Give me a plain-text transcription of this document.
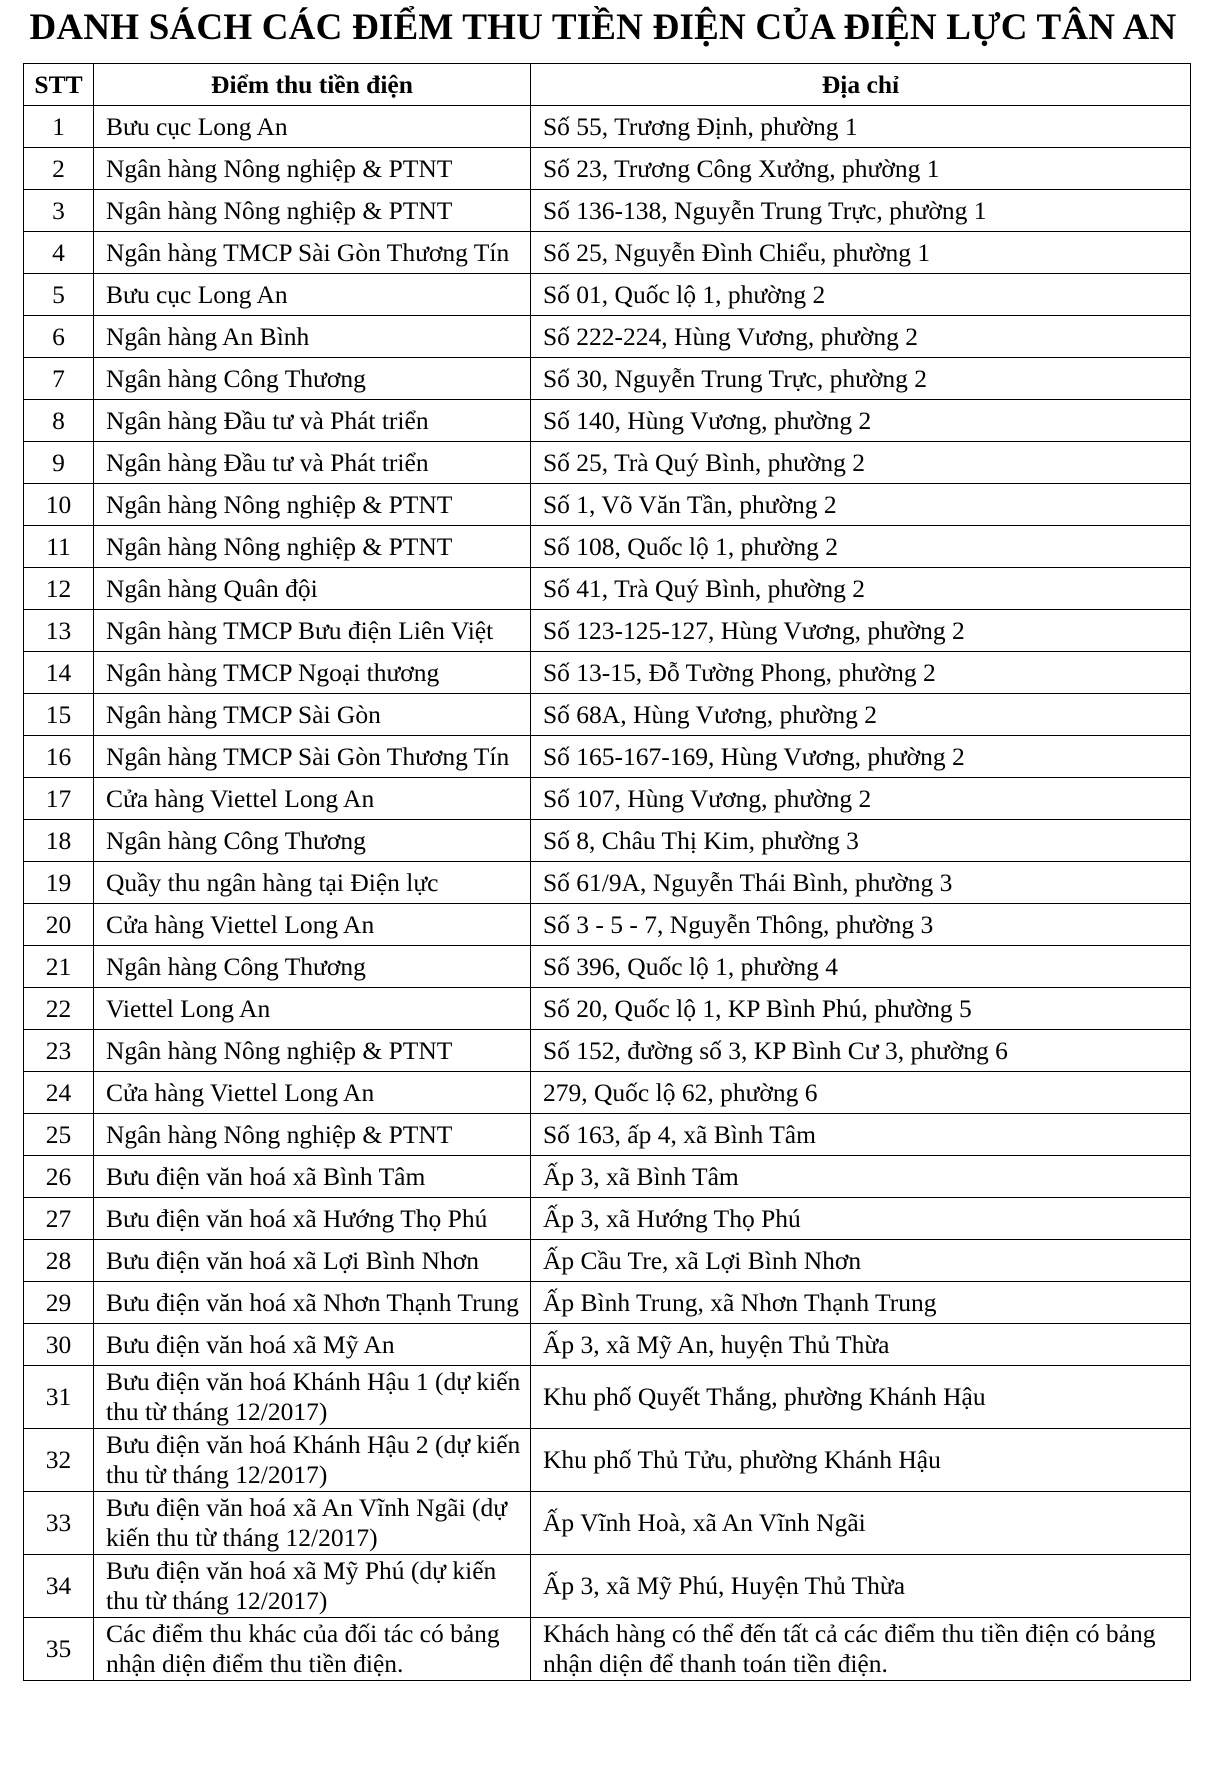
DANH SÁCH CÁC ĐIỂM THU TIỀN ĐIỆN CỦA ĐIỆN LỰC TÂN AN
STT	Điểm thu tiền điện	Địa chỉ
1	Bưu cục Long An	Số 55, Trương Định, phường 1
2	Ngân hàng Nông nghiệp & PTNT	Số 23, Trương Công Xưởng, phường 1
3	Ngân hàng Nông nghiệp & PTNT	Số 136-138, Nguyễn Trung Trực, phường 1
4	Ngân hàng TMCP Sài Gòn Thương Tín	Số 25, Nguyễn Đình Chiểu, phường 1
5	Bưu cục Long An	Số 01, Quốc lộ 1, phường 2
6	Ngân hàng An Bình	Số 222-224, Hùng Vương, phường 2
7	Ngân hàng Công Thương	Số 30, Nguyễn Trung Trực, phường 2
8	Ngân hàng Đầu tư và Phát triển	Số 140, Hùng Vương, phường 2
9	Ngân hàng Đầu tư và Phát triển	Số 25, Trà Quý Bình, phường 2
10	Ngân hàng Nông nghiệp & PTNT	Số 1, Võ Văn Tần, phường 2
11	Ngân hàng Nông nghiệp & PTNT	Số 108, Quốc lộ 1, phường 2
12	Ngân hàng Quân đội	Số 41, Trà Quý Bình, phường 2
13	Ngân hàng TMCP Bưu điện Liên Việt	Số 123-125-127, Hùng Vương, phường 2
14	Ngân hàng TMCP Ngoại thương	Số 13-15, Đỗ Tường Phong, phường 2
15	Ngân hàng TMCP Sài Gòn	Số 68A, Hùng Vương, phường 2
16	Ngân hàng TMCP Sài Gòn Thương Tín	Số 165-167-169, Hùng Vương, phường 2
17	Cửa hàng Viettel Long An	Số 107, Hùng Vương, phường 2
18	Ngân hàng Công Thương	Số 8, Châu Thị Kim, phường 3
19	Quầy thu ngân hàng tại Điện lực	Số 61/9A, Nguyễn Thái Bình, phường 3
20	Cửa hàng Viettel Long An	Số 3 - 5 - 7, Nguyễn Thông, phường 3
21	Ngân hàng Công Thương	Số 396, Quốc lộ 1, phường 4
22	Viettel Long An	Số 20, Quốc lộ 1, KP Bình Phú, phường 5
23	Ngân hàng Nông nghiệp & PTNT	Số 152, đường số 3, KP Bình Cư 3, phường 6
24	Cửa hàng Viettel Long An	279, Quốc lộ 62, phường 6
25	Ngân hàng Nông nghiệp & PTNT	Số 163, ấp 4, xã Bình Tâm
26	Bưu điện văn hoá xã Bình Tâm	Ấp 3, xã Bình Tâm
27	Bưu điện văn hoá xã Hướng Thọ Phú	Ấp 3, xã Hướng Thọ Phú
28	Bưu điện văn hoá xã Lợi Bình Nhơn	Ấp Cầu Tre, xã Lợi Bình Nhơn
29	Bưu điện văn hoá xã Nhơn Thạnh Trung	Ấp Bình Trung, xã Nhơn Thạnh Trung
30	Bưu điện văn hoá xã Mỹ An	Ấp 3, xã Mỹ An, huyện Thủ Thừa
31	Bưu điện văn hoá Khánh Hậu 1 (dự kiến thu từ tháng 12/2017)	Khu phố Quyết Thắng, phường Khánh Hậu
32	Bưu điện văn hoá Khánh Hậu 2 (dự kiến thu từ tháng 12/2017)	Khu phố Thủ Tửu, phường Khánh Hậu
33	Bưu điện văn hoá xã An Vĩnh Ngãi (dự kiến thu từ tháng 12/2017)	Ấp Vĩnh Hoà, xã An Vĩnh Ngãi
34	Bưu điện văn hoá xã Mỹ Phú (dự kiến thu từ tháng 12/2017)	Ấp 3, xã Mỹ Phú, Huyện Thủ Thừa
35	Các điểm thu khác của đối tác có bảng nhận diện điểm thu tiền điện.	Khách hàng có thể đến tất cả các điểm thu tiền điện có bảng nhận diện để thanh toán tiền điện.
